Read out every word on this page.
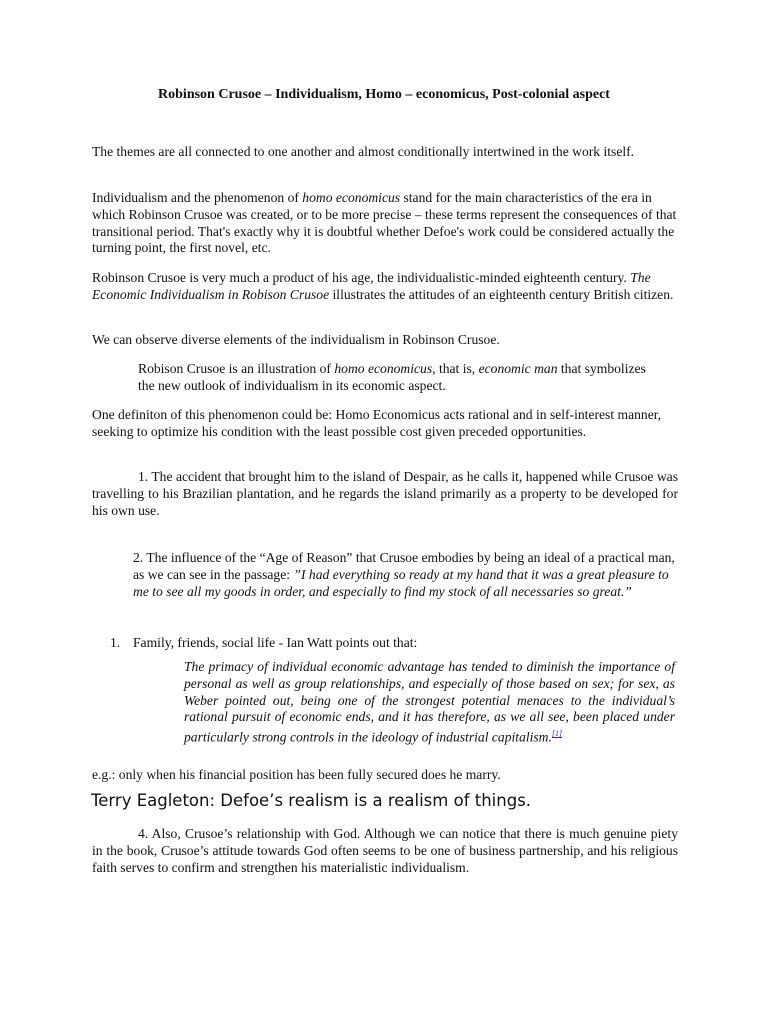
Robinson Crusoe – Individualism, Homo – economicus, Post-colonial aspect

The themes are all connected to one another and almost conditionally intertwined in the work itself.

Individualism and the phenomenon of homo economicus stand for the main characteristics of the era in which Robinson Crusoe was created, or to be more precise – these terms represent the consequences of that transitional period. That's exactly why it is doubtful whether Defoe's work could be considered actually the turning point, the first novel, etc.

Robinson Crusoe is very much a product of his age, the individualistic-minded eighteenth century. The Economic Individualism in Robison Crusoe illustrates the attitudes of an eighteenth century British citizen.

We can observe diverse elements of the individualism in Robinson Crusoe.

Robison Crusoe is an illustration of homo economicus, that is, economic man that symbolizes the new outlook of individualism in its economic aspect.

One definiton of this phenomenon could be: Homo Economicus acts rational and in self-interest manner, seeking to optimize his condition with the least possible cost given preceded opportunities.

1. The accident that brought him to the island of Despair, as he calls it, happened while Crusoe was travelling to his Brazilian plantation, and he regards the island primarily as a property to be developed for his own use.

2. The influence of the “Age of Reason” that Crusoe embodies by being an ideal of a practical man, as we can see in the passage: ”I had everything so ready at my hand that it was a great pleasure to me to see all my goods in order, and especially to find my stock of all necessaries so great.”

1. Family, friends, social life - Ian Watt points out that:

The primacy of individual economic advantage has tended to diminish the importance of personal as well as group relationships, and especially of those based on sex; for sex, as Weber pointed out, being one of the strongest potential menaces to the individual’s rational pursuit of economic ends, and it has therefore, as we all see, been placed under particularly strong controls in the ideology of industrial capitalism.[1]

e.g.: only when his financial position has been fully secured does he marry.

Terry Eagleton: Defoe’s realism is a realism of things.

4. Also, Crusoe’s relationship with God. Although we can notice that there is much genuine piety in the book, Crusoe’s attitude towards God often seems to be one of business partnership, and his religious faith serves to confirm and strengthen his materialistic individualism.
